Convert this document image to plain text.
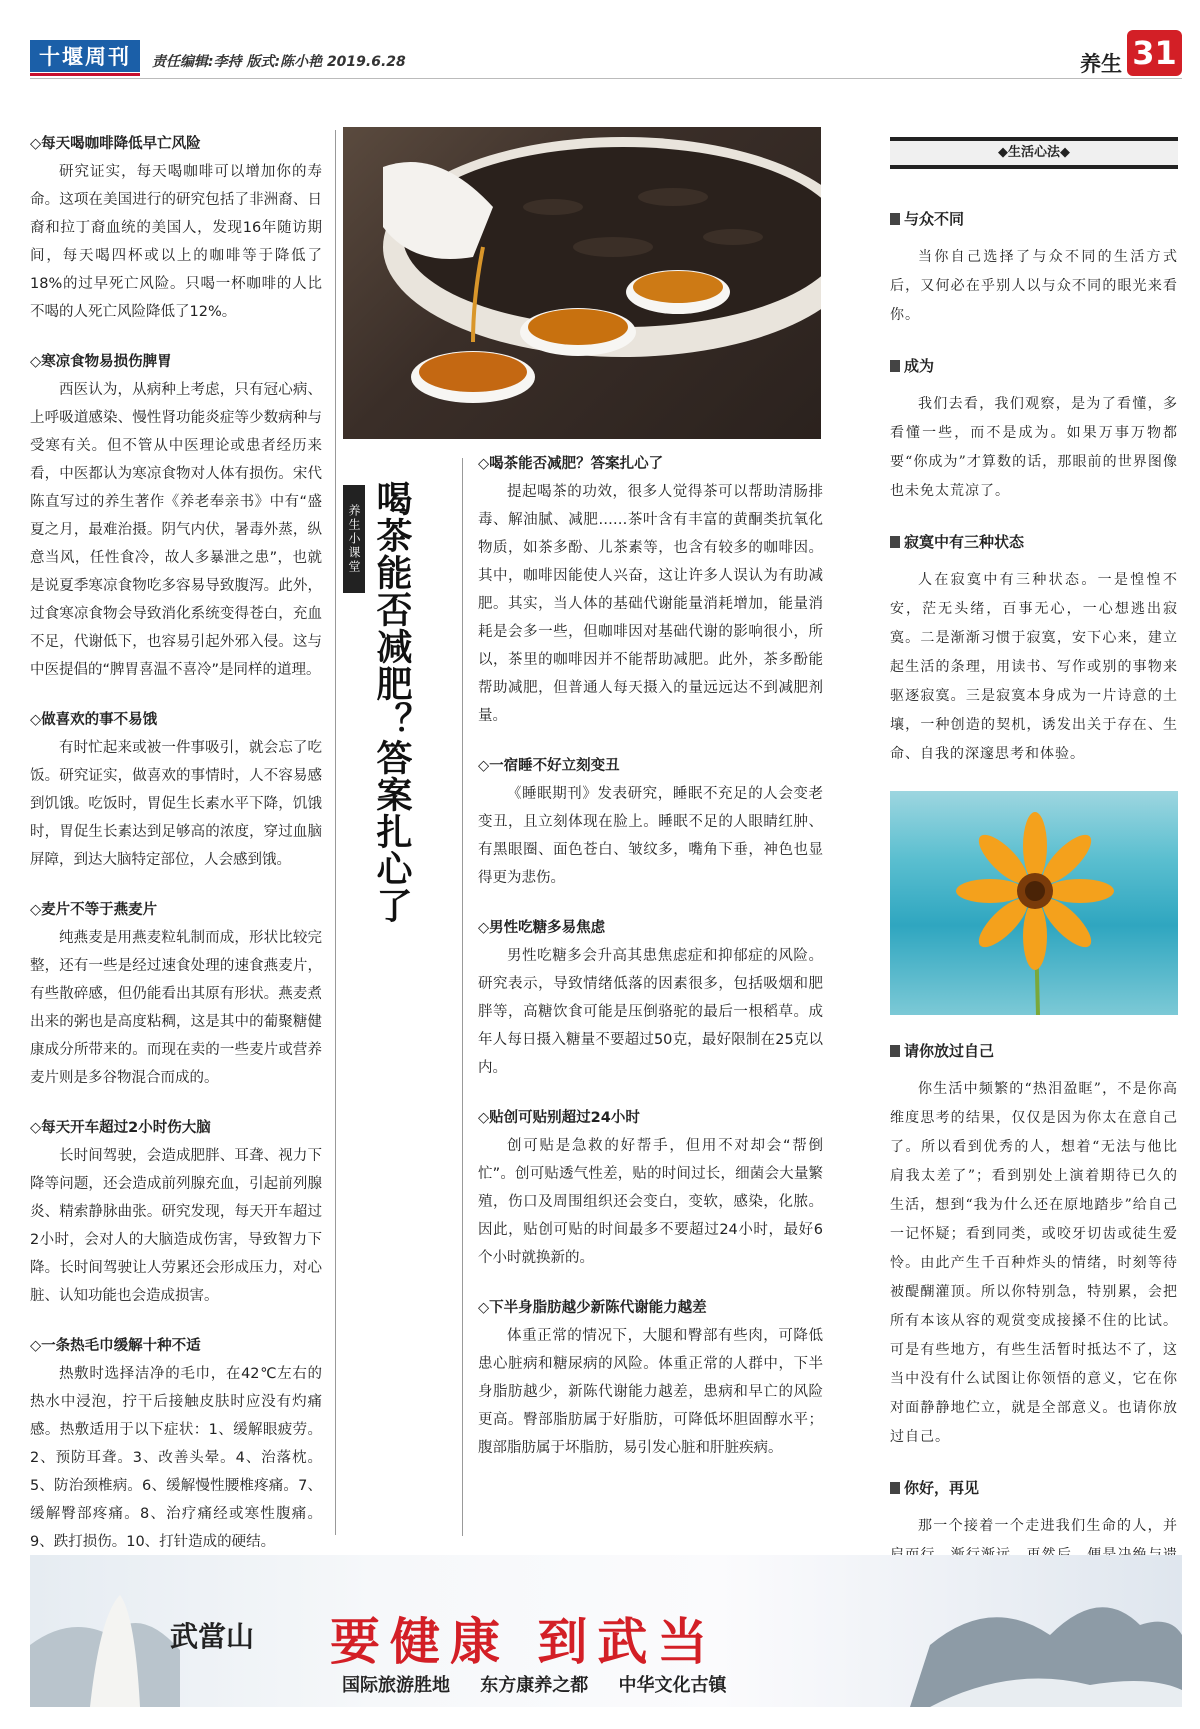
十堰周刊 责任编辑:李持 版式:陈小艳 2019.6.28	养生 31
◇每天喝咖啡降低早亡风险

研究证实，每天喝咖啡可以增加你的寿命。这项在美国进行的研究包括了非洲裔、日裔和拉丁裔血统的美国人，发现16年随访期间，每天喝四杯或以上的咖啡等于降低了18%的过早死亡风险。只喝一杯咖啡的人比不喝的人死亡风险降低了12%。

◇寒凉食物易损伤脾胃

西医认为，从病种上考虑，只有冠心病、上呼吸道感染、慢性肾功能炎症等少数病种与受寒有关。但不管从中医理论或患者经历来看，中医都认为寒凉食物对人体有损伤。宋代陈直写过的养生著作《养老奉亲书》中有“盛夏之月，最难治摄。阴气内伏，暑毒外蒸，纵意当风，任性食冷，故人多暴泄之患”，也就是说夏季寒凉食物吃多容易导致腹泻。此外，过食寒凉食物会导致消化系统变得苍白，充血不足，代谢低下，也容易引起外邪入侵。这与中医提倡的“脾胃喜温不喜冷”是同样的道理。

◇做喜欢的事不易饿

有时忙起来或被一件事吸引，就会忘了吃饭。研究证实，做喜欢的事情时，人不容易感到饥饿。吃饭时，胃促生长素水平下降，饥饿时，胃促生长素达到足够高的浓度，穿过血脑屏障，到达大脑特定部位，人会感到饿。

◇麦片不等于燕麦片

纯燕麦是用燕麦粒轧制而成，形状比较完整，还有一些是经过速食处理的速食燕麦片，有些散碎感，但仍能看出其原有形状。燕麦煮出来的粥也是高度粘稠，这是其中的葡聚糖健康成分所带来的。而现在卖的一些麦片或营养麦片则是多谷物混合而成的。

◇每天开车超过2小时伤大脑

长时间驾驶，会造成肥胖、耳聋、视力下降等问题，还会造成前列腺充血，引起前列腺炎、精索静脉曲张。研究发现，每天开车超过2小时，会对人的大脑造成伤害，导致智力下降。长时间驾驶让人劳累还会形成压力，对心脏、认知功能也会造成损害。

◇一条热毛巾缓解十种不适

热敷时选择洁净的毛巾，在42℃左右的热水中浸泡，拧干后接触皮肤时应没有灼痛感。热敷适用于以下症状：1、缓解眼疲劳。2、预防耳聋。3、改善头晕。4、治落枕。5、防治颈椎病。6、缓解慢性腰椎疼痛。7、缓解臀部疼痛。8、治疗痛经或寒性腹痛。9、跌打损伤。10、打针造成的硬结。

养生小课堂 喝茶能否减肥？答案扎心了
◇喝茶能否减肥？答案扎心了

提起喝茶的功效，很多人觉得茶可以帮助清肠排毒、解油腻、减肥……茶叶含有丰富的黄酮类抗氧化物质，如茶多酚、儿茶素等，也含有较多的咖啡因。其中，咖啡因能使人兴奋，这让许多人误认为有助减肥。其实，当人体的基础代谢能量消耗增加，能量消耗是会多一些，但咖啡因对基础代谢的影响很小，所以，茶里的咖啡因并不能帮助减肥。此外，茶多酚能帮助减肥，但普通人每天摄入的量远远达不到减肥剂量。

◇一宿睡不好立刻变丑

《睡眠期刊》发表研究，睡眠不充足的人会变老变丑，且立刻体现在脸上。睡眠不足的人眼睛红肿、有黑眼圈、面色苍白、皱纹多，嘴角下垂，神色也显得更为悲伤。

◇男性吃糖多易焦虑

男性吃糖多会升高其患焦虑症和抑郁症的风险。研究表示，导致情绪低落的因素很多，包括吸烟和肥胖等，高糖饮食可能是压倒骆驼的最后一根稻草。成年人每日摄入糖量不要超过50克，最好限制在25克以内。

◇贴创可贴别超过24小时

创可贴是急救的好帮手，但用不对却会“帮倒忙”。创可贴透气性差，贴的时间过长，细菌会大量繁殖，伤口及周围组织还会变白，变软，感染，化脓。因此，贴创可贴的时间最多不要超过24小时，最好6个小时就换新的。

◇下半身脂肪越少新陈代谢能力越差

体重正常的情况下，大腿和臀部有些肉，可降低患心脏病和糖尿病的风险。体重正常的人群中，下半身脂肪越少，新陈代谢能力越差，患病和早亡的风险更高。臀部脂肪属于好脂肪，可降低坏胆固醇水平；腹部脂肪属于坏脂肪，易引发心脏和肝脏疾病。

◆生活心法◆
与众不同

当你自己选择了与众不同的生活方式后，又何必在乎别人以与众不同的眼光来看你。

成为

我们去看，我们观察，是为了看懂，多看懂一些，而不是成为。如果万事万物都要“你成为”才算数的话，那眼前的世界图像也未免太荒凉了。

寂寞中有三种状态

人在寂寞中有三种状态。一是惶惶不安，茫无头绪，百事无心，一心想逃出寂寞。二是渐渐习惯于寂寞，安下心来，建立起生活的条理，用读书、写作或别的事物来驱逐寂寞。三是寂寞本身成为一片诗意的土壤，一种创造的契机，诱发出关于存在、生命、自我的深邃思考和体验。

请你放过自己

你生活中频繁的“热泪盈眶”，不是你高维度思考的结果，仅仅是因为你太在意自己了。所以看到优秀的人，想着“无法与他比肩我太差了”；看到别处上演着期待已久的生活，想到“我为什么还在原地踏步”给自己一记怀疑；看到同类，或咬牙切齿或徒生爱怜。由此产生千百种炸头的情绪，时刻等待被醍醐灌顶。所以你特别急，特别累，会把所有本该从容的观赏变成接搡不住的比试。可是有些地方，有些生活暂时抵达不了，这当中没有什么试图让你领悟的意义，它在你对面静静地伫立，就是全部意义。也请你放过自己。

你好，再见

那一个接着一个走进我们生命的人，并

武當山 要健康 到武当
国际旅游胜地 东方康养之都 中华文化古镇
